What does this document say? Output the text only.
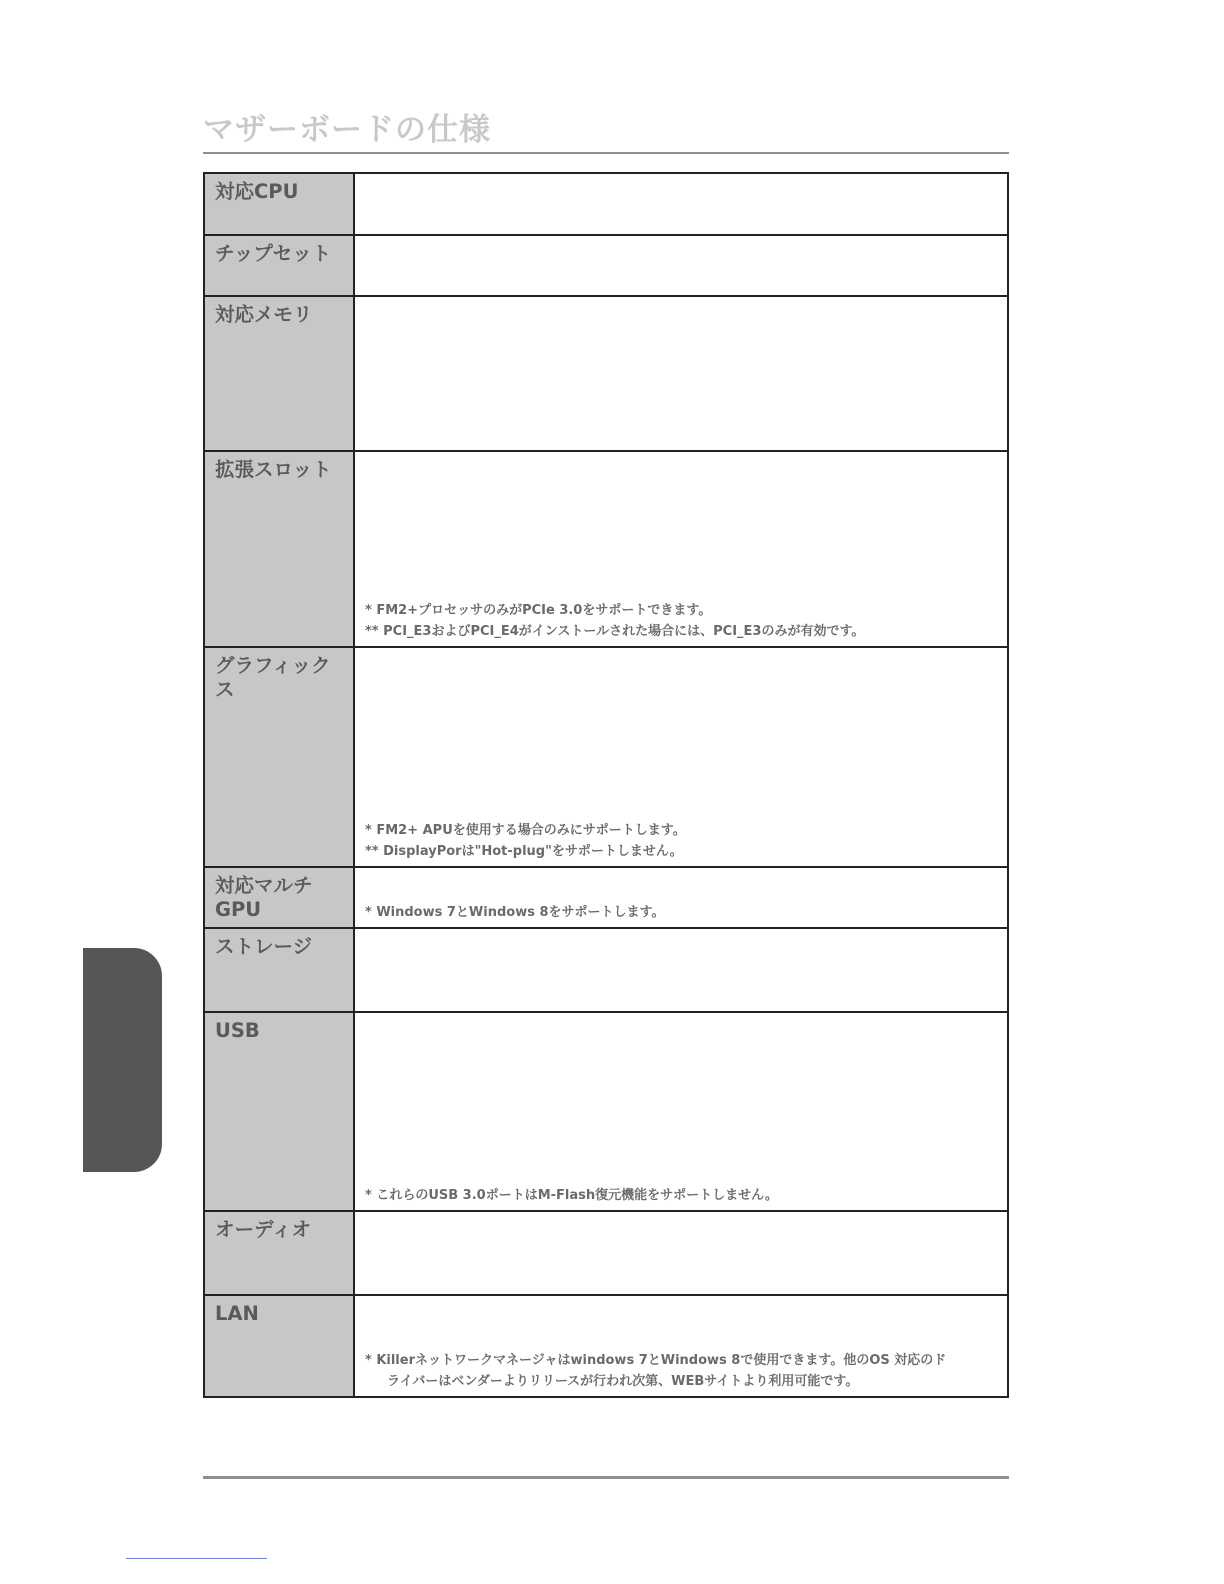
マザーボードの仕様
対応CPU	
チップセット	
対応メモリ	
拡張スロット	* FM2+プロセッサのみがPCIe 3.0をサポートできます。
** PCI_E3およびPCI_E4がインストールされた場合には、PCI_E3のみが有効です。

グラフィックス	* FM2+ APUを使用する場合のみにサポートします。
** DisplayPorは"Hot-plug"をサポートしません。

対応マルチGPU	* Windows 7とWindows 8をサポートします。

ストレージ	
USB	* これらのUSB 3.0ポートはM-Flash復元機能をサポートしません。

オーディオ	
LAN	* Killerネットワークマネージャはwindows 7とWindows 8で使用できます。他のOS 対応のド
ライバーはベンダーよりリリースが行われ次第、WEBサイトより利用可能です。
